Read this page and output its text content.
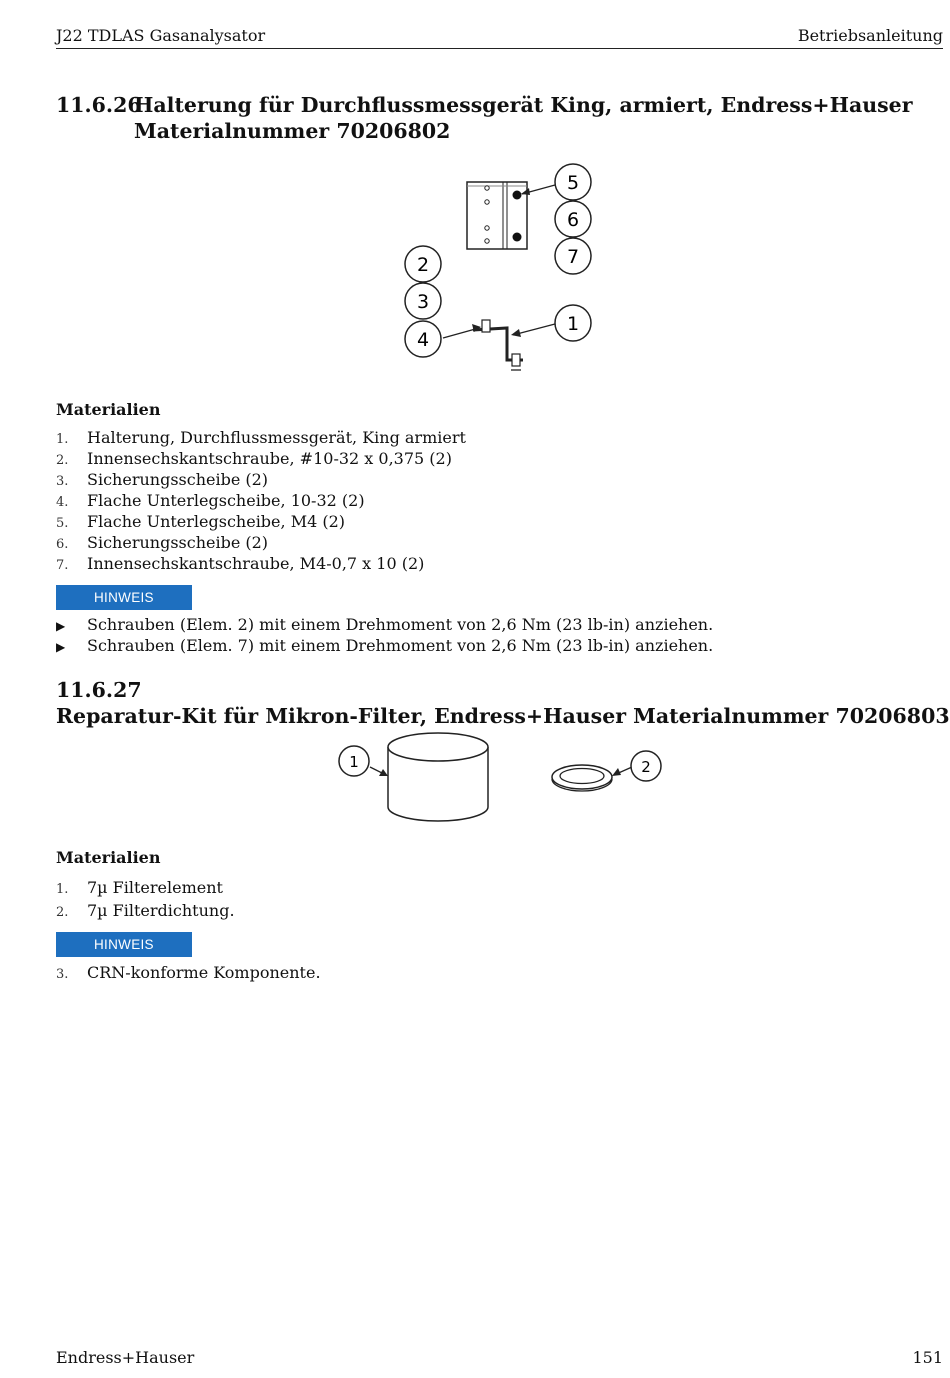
J22 TDLAS Gasanalysator	Betriebsanleitung
11.6.26Halterung für Durchflussmessgerät King, armiert, Endress+Hauser
Materialnummer 70206802
5
6
7
2
3
4
1
Materialien
1. Halterung, Durchflussmessgerät, King armiert
2. Innensechskantschraube, #10-32 x 0,375 (2)
3. Sicherungsscheibe (2)
4. Flache Unterlegscheibe, 10-32 (2)
5. Flache Unterlegscheibe, M4 (2)
6. Sicherungsscheibe (2)
7. Innensechskantschraube, M4-0,7 x 10 (2)
HINWEIS
▶ Schrauben (Elem. 2) mit einem Drehmoment von 2,6 Nm (23 lb-in) anziehen.
▶ Schrauben (Elem. 7) mit einem Drehmoment von 2,6 Nm (23 lb-in) anziehen.
11.6.27Reparatur-Kit für Mikron-Filter, Endress+Hauser Materialnummer 70206803
1	2
Materialien
1. 7µ Filterelement
2. 7µ Filterdichtung.
HINWEIS
3. CRN-konforme Komponente.
Endress+Hauser	151
